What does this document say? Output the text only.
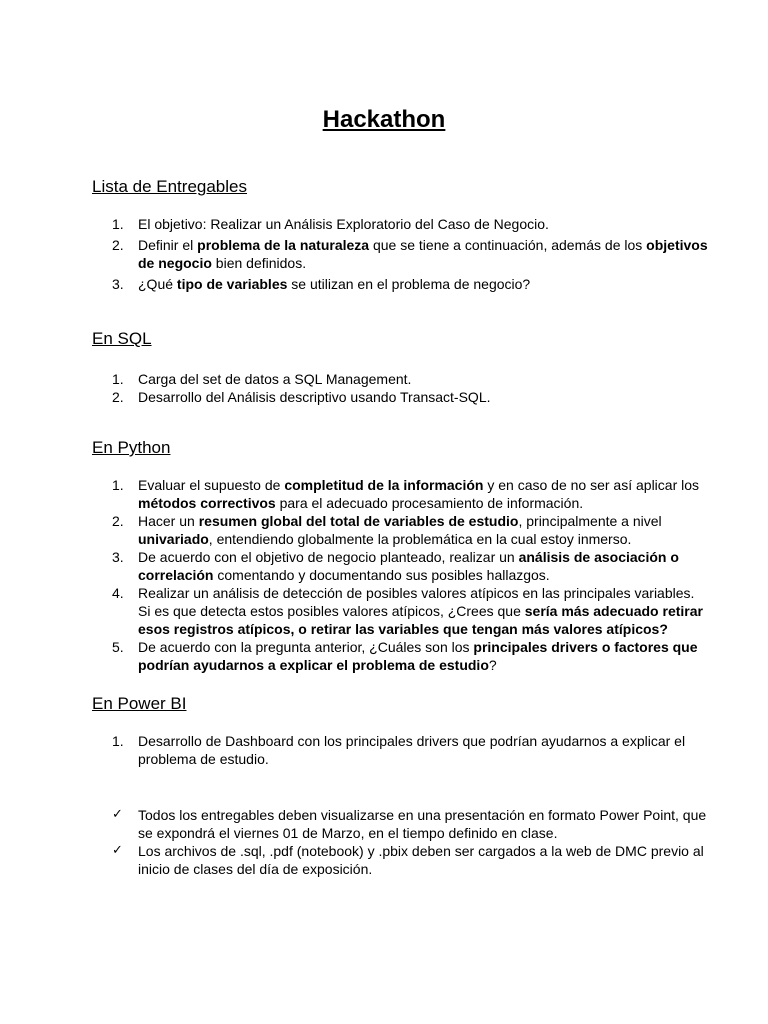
Hackathon
Lista de Entregables
1. El objetivo: Realizar un Análisis Exploratorio del Caso de Negocio.
2. Definir el problema de la naturaleza que se tiene a continuación, además de los objetivos de negocio bien definidos.
3. ¿Qué tipo de variables se utilizan en el problema de negocio?
En SQL
1. Carga del set de datos a SQL Management.
2. Desarrollo del Análisis descriptivo usando Transact-SQL.
En Python
1. Evaluar el supuesto de completitud de la información y en caso de no ser así aplicar los métodos correctivos para el adecuado procesamiento de información.
2. Hacer un resumen global del total de variables de estudio, principalmente a nivel univariado, entendiendo globalmente la problemática en la cual estoy inmerso.
3. De acuerdo con el objetivo de negocio planteado, realizar un análisis de asociación o correlación comentando y documentando sus posibles hallazgos.
4. Realizar un análisis de detección de posibles valores atípicos en las principales variables. Si es que detecta estos posibles valores atípicos, ¿Crees que sería más adecuado retirar esos registros atípicos, o retirar las variables que tengan más valores atípicos?
5. De acuerdo con la pregunta anterior, ¿Cuáles son los principales drivers o factores que podrían ayudarnos a explicar el problema de estudio?
En Power BI
1. Desarrollo de Dashboard con los principales drivers que podrían ayudarnos a explicar el problema de estudio.
✓ Todos los entregables deben visualizarse en una presentación en formato Power Point, que se expondrá el viernes 01 de Marzo, en el tiempo definido en clase.
✓ Los archivos de .sql, .pdf (notebook) y .pbix deben ser cargados a la web de DMC previo al inicio de clases del día de exposición.
